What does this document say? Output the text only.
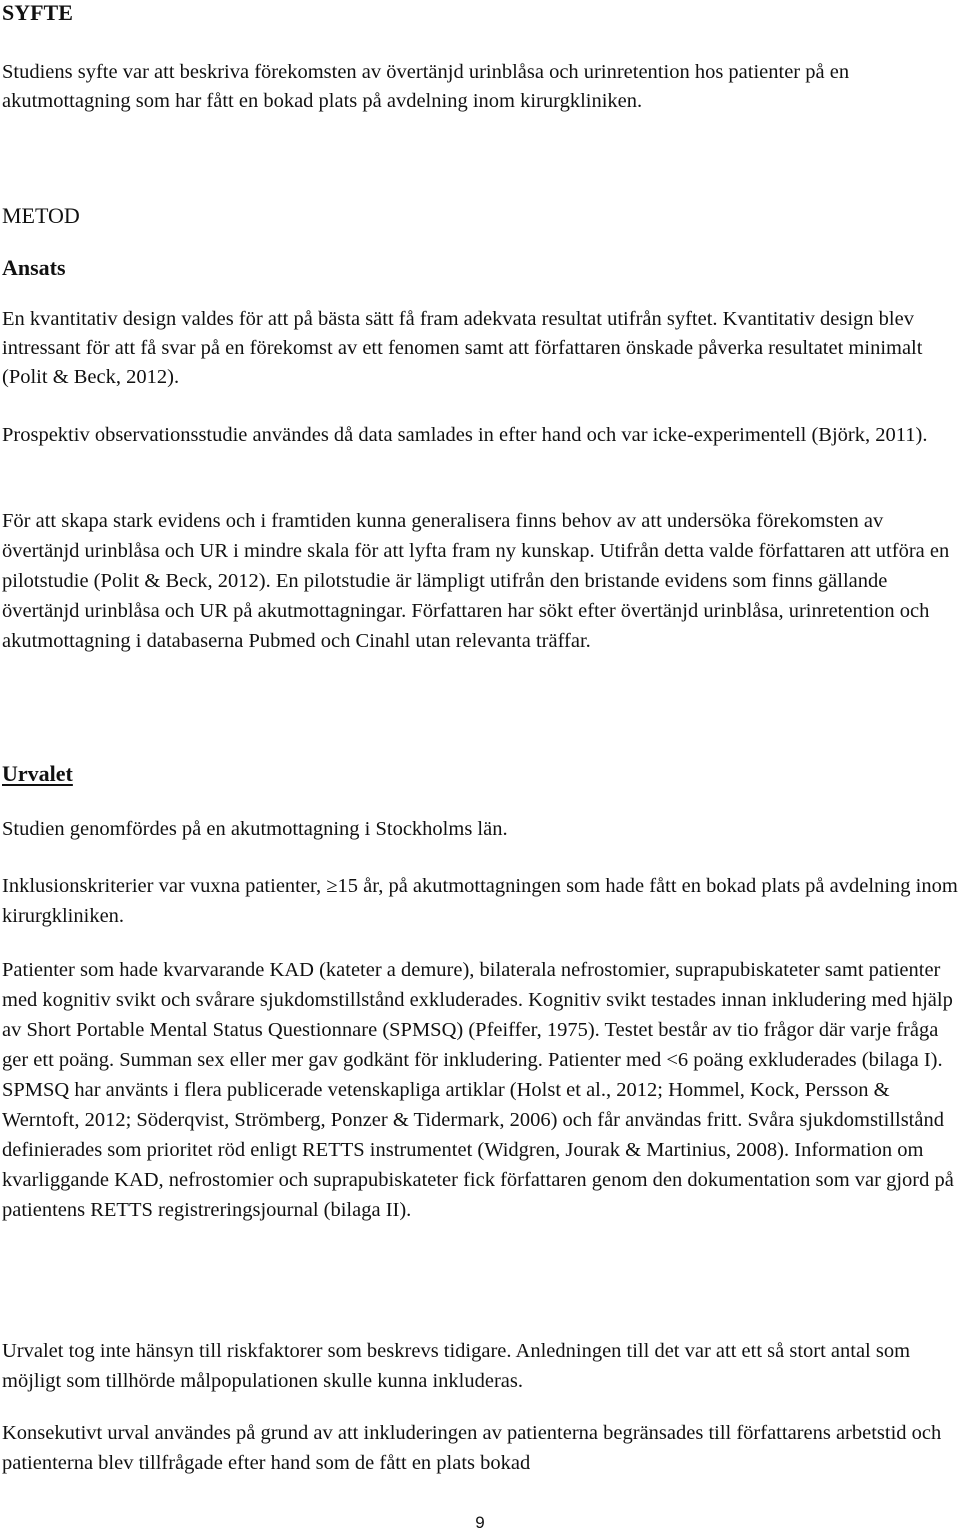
SYFTE

Studiens syfte var att beskriva förekomsten av övertänjd urinblåsa och urinretention hos patienter på en akutmottagning som har fått en bokad plats på avdelning inom kirurgkliniken.

METOD
Ansats

En kvantitativ design valdes för att på bästa sätt få fram adekvata resultat utifrån syftet. Kvantitativ design blev intressant för att få svar på en förekomst av ett fenomen samt att författaren önskade påverka resultatet minimalt (Polit & Beck, 2012).

Prospektiv observationsstudie användes då data samlades in efter hand och var icke-experimentell (Björk, 2011).

För att skapa stark evidens och i framtiden kunna generalisera finns behov av att undersöka förekomsten av övertänjd urinblåsa och UR i mindre skala för att lyfta fram ny kunskap. Utifrån detta valde författaren att utföra en pilotstudie (Polit & Beck, 2012). En pilotstudie är lämpligt utifrån den bristande evidens som finns gällande övertänjd urinblåsa och UR på akutmottagningar. Författaren har sökt efter övertänjd urinblåsa, urinretention och akutmottagning i databaserna Pubmed och Cinahl utan relevanta träffar.

Urvalet

Studien genomfördes på en akutmottagning i Stockholms län.

Inklusionskriterier var vuxna patienter, ≥15 år, på akutmottagningen som hade fått en bokad plats på avdelning inom kirurgkliniken.

Patienter som hade kvarvarande KAD (kateter a demure), bilaterala nefrostomier, suprapubiskateter samt patienter med kognitiv svikt och svårare sjukdomstillstånd exkluderades. Kognitiv svikt testades innan inkludering med hjälp av Short Portable Mental Status Questionnare (SPMSQ) (Pfeiffer, 1975). Testet består av tio frågor där varje fråga ger ett poäng. Summan sex eller mer gav godkänt för inkludering. Patienter med <6 poäng exkluderades (bilaga I). SPMSQ har använts i flera publicerade vetenskapliga artiklar (Holst et al., 2012; Hommel, Kock, Persson & Werntoft, 2012; Söderqvist, Strömberg, Ponzer & Tidermark, 2006) och får användas fritt. Svåra sjukdomstillstånd definierades som prioritet röd enligt RETTS instrumentet (Widgren, Jourak & Martinius, 2008). Information om kvarliggande KAD, nefrostomier och suprapubiskateter fick författaren genom den dokumentation som var gjord på patientens RETTS registreringsjournal (bilaga II).

Urvalet tog inte hänsyn till riskfaktorer som beskrevs tidigare. Anledningen till det var att ett så stort antal som möjligt som tillhörde målpopulationen skulle kunna inkluderas.

Konsekutivt urval användes på grund av att inkluderingen av patienterna begränsades till författarens arbetstid och patienterna blev tillfrågade efter hand som de fått en plats bokad

9
